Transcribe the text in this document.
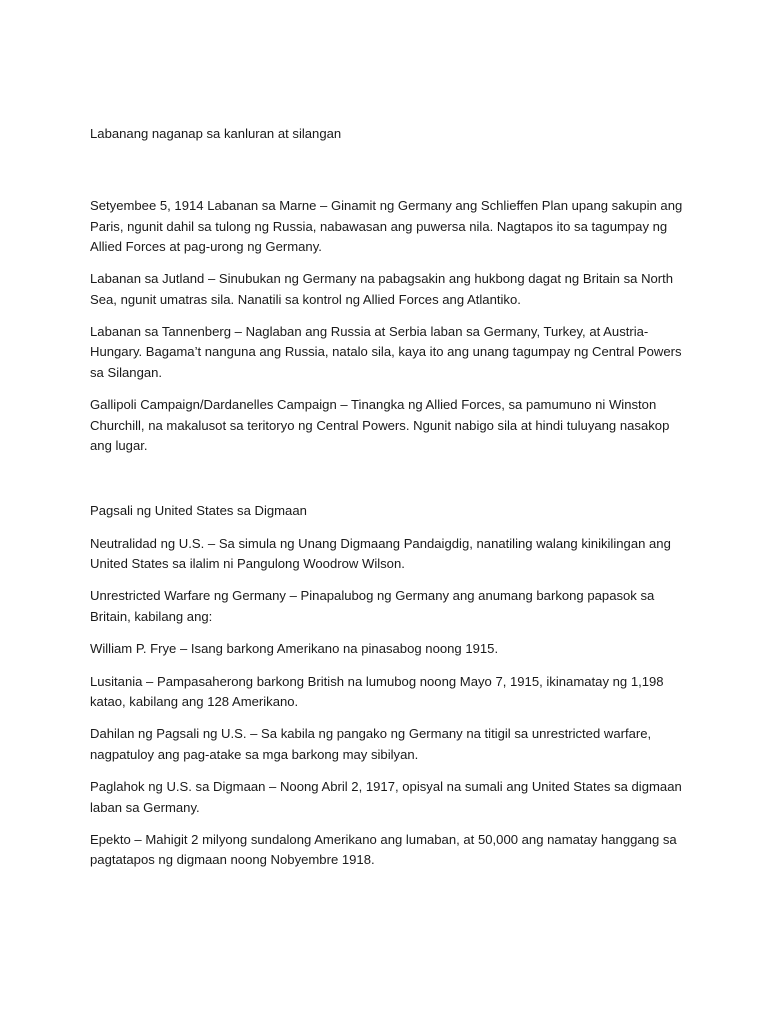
Labanang naganap sa kanluran at silangan

Setyembee 5, 1914 Labanan sa Marne – Ginamit ng Germany ang Schlieffen Plan upang sakupin ang Paris, ngunit dahil sa tulong ng Russia, nabawasan ang puwersa nila. Nagtapos ito sa tagumpay ng Allied Forces at pag-urong ng Germany.

Labanan sa Jutland – Sinubukan ng Germany na pabagsakin ang hukbong dagat ng Britain sa North Sea, ngunit umatras sila. Nanatili sa kontrol ng Allied Forces ang Atlantiko.

Labanan sa Tannenberg – Naglaban ang Russia at Serbia laban sa Germany, Turkey, at Austria-Hungary. Bagama’t nanguna ang Russia, natalo sila, kaya ito ang unang tagumpay ng Central Powers sa Silangan.

Gallipoli Campaign/Dardanelles Campaign – Tinangka ng Allied Forces, sa pamumuno ni Winston Churchill, na makalusot sa teritoryo ng Central Powers. Ngunit nabigo sila at hindi tuluyang nasakop ang lugar.

Pagsali ng United States sa Digmaan

Neutralidad ng U.S. – Sa simula ng Unang Digmaang Pandaigdig, nanatiling walang kinikilingan ang United States sa ilalim ni Pangulong Woodrow Wilson.

Unrestricted Warfare ng Germany – Pinapalubog ng Germany ang anumang barkong papasok sa Britain, kabilang ang:

William P. Frye – Isang barkong Amerikano na pinasabog noong 1915.

Lusitania – Pampasaherong barkong British na lumubog noong Mayo 7, 1915, ikinamatay ng 1,198 katao, kabilang ang 128 Amerikano.

Dahilan ng Pagsali ng U.S. – Sa kabila ng pangako ng Germany na titigil sa unrestricted warfare, nagpatuloy ang pag-atake sa mga barkong may sibilyan.

Paglahok ng U.S. sa Digmaan – Noong Abril 2, 1917, opisyal na sumali ang United States sa digmaan laban sa Germany.

Epekto – Mahigit 2 milyong sundalong Amerikano ang lumaban, at 50,000 ang namatay hanggang sa pagtatapos ng digmaan noong Nobyembre 1918.
